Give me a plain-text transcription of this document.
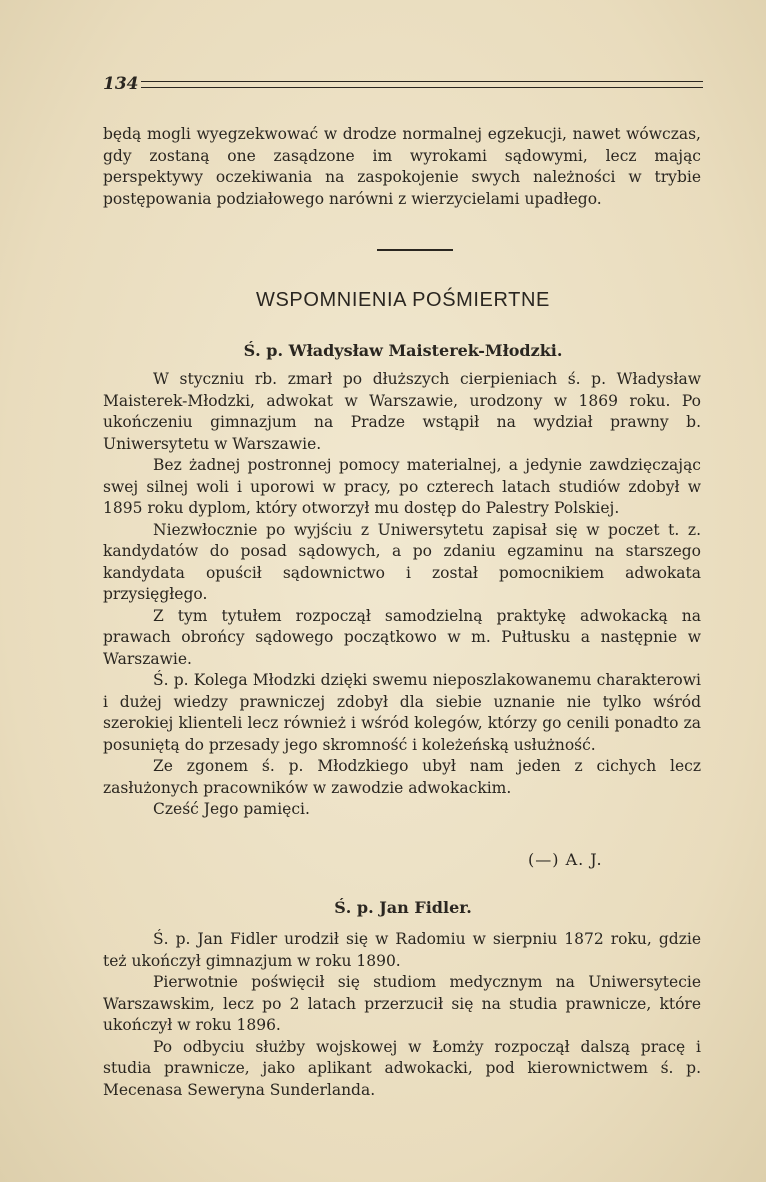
134

będą mogli wyegzekwować w drodze normalnej egzekucji, nawet wówczas, gdy zostaną one zasądzone im wyrokami sądowymi, lecz mając perspektywy oczekiwania na zaspokojenie swych należności w trybie postępowania podziałowego narówni z wierzycielami upadłego.

WSPOMNIENIA POŚMIERTNE
Ś. p. Władysław Maisterek-Młodzki.

W styczniu rb. zmarł po dłuższych cierpieniach ś. p. Władysław Maisterek-Młodzki, adwokat w Warszawie, urodzony w 1869 roku. Po ukończeniu gimnazjum na Pradze wstąpił na wydział prawny b. Uniwersytetu w Warszawie.

Bez żadnej postronnej pomocy materialnej, a jedynie zawdzięczając swej silnej woli i uporowi w pracy, po czterech latach studiów zdobył w 1895 roku dyplom, który otworzył mu dostęp do Palestry Polskiej.

Niezwłocznie po wyjściu z Uniwersytetu zapisał się w poczet t. z. kandydatów do posad sądowych, a po zdaniu egzaminu na starszego kandydata opuścił sądownictwo i został pomocnikiem adwokata przysięgłego.

Z tym tytułem rozpoczął samodzielną praktykę adwokacką na prawach obrońcy sądowego początkowo w m. Pułtusku a następnie w Warszawie.

Ś. p. Kolega Młodzki dzięki swemu nieposzlakowanemu charakterowi i dużej wiedzy prawniczej zdobył dla siebie uznanie nie tylko wśród szerokiej klienteli lecz również i wśród kolegów, którzy go cenili ponadto za posuniętą do przesady jego skromność i koleżeńską usłużność.

Ze zgonem ś. p. Młodzkiego ubył nam jeden z cichych lecz zasłużonych pracowników w zawodzie adwokackim.

Cześć Jego pamięci.

(—) A. J.
Ś. p. Jan Fidler.

Ś. p. Jan Fidler urodził się w Radomiu w sierpniu 1872 roku, gdzie też ukończył gimnazjum w roku 1890.

Pierwotnie poświęcił się studiom medycznym na Uniwersytecie Warszawskim, lecz po 2 latach przerzucił się na studia prawnicze, które ukończył w roku 1896.

Po odbyciu służby wojskowej w Łomży rozpoczął dalszą pracę i studia prawnicze, jako aplikant adwokacki, pod kierownictwem ś. p. Mecenasa Seweryna Sunderlanda.
